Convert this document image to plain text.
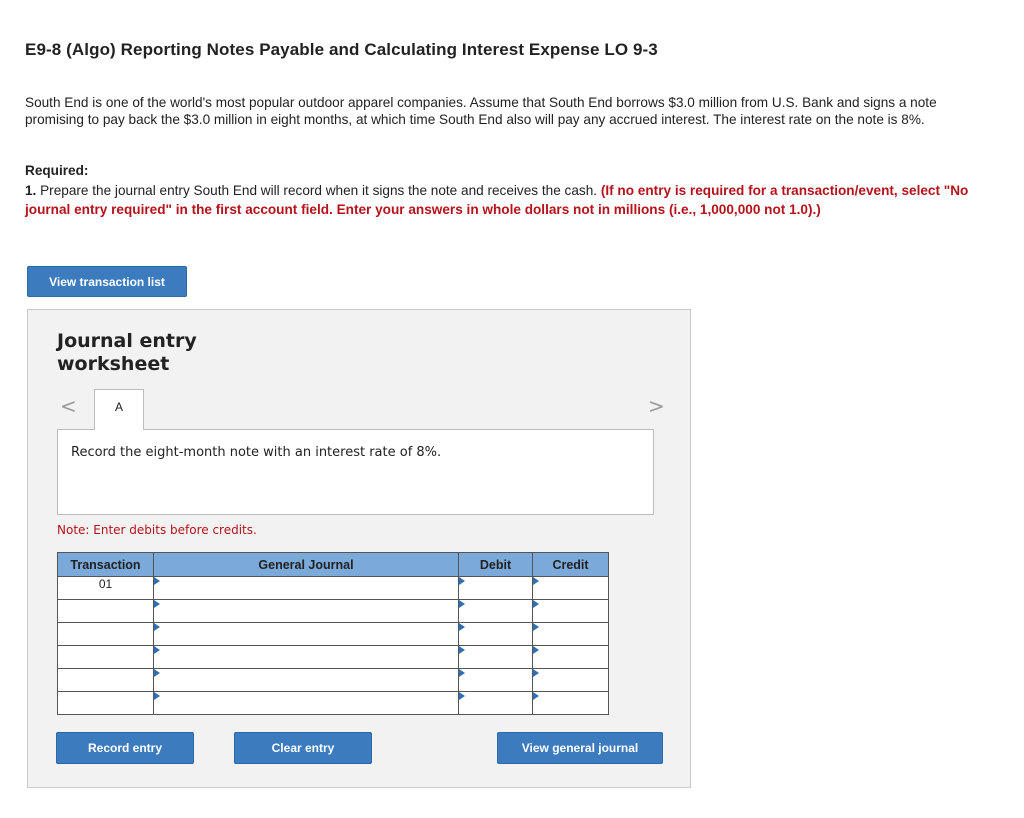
E9-8 (Algo) Reporting Notes Payable and Calculating Interest Expense LO 9-3
South End is one of the world's most popular outdoor apparel companies. Assume that South End borrows $3.0 million from U.S. Bank and signs a note promising to pay back the $3.0 million in eight months, at which time South End also will pay any accrued interest. The interest rate on the note is 8%.
Required:
1. Prepare the journal entry South End will record when it signs the note and receives the cash. (If no entry is required for a transaction/event, select "No journal entry required" in the first account field. Enter your answers in whole dollars not in millions (i.e., 1,000,000 not 1.0).)
View transaction list
Journal entry
worksheet
<	A	>
Record the eight-month note with an interest rate of 8%.
Note: Enter debits before credits.
Transaction	General Journal	Debit	Credit
01	

Record entry	Clear entry	View general journal
